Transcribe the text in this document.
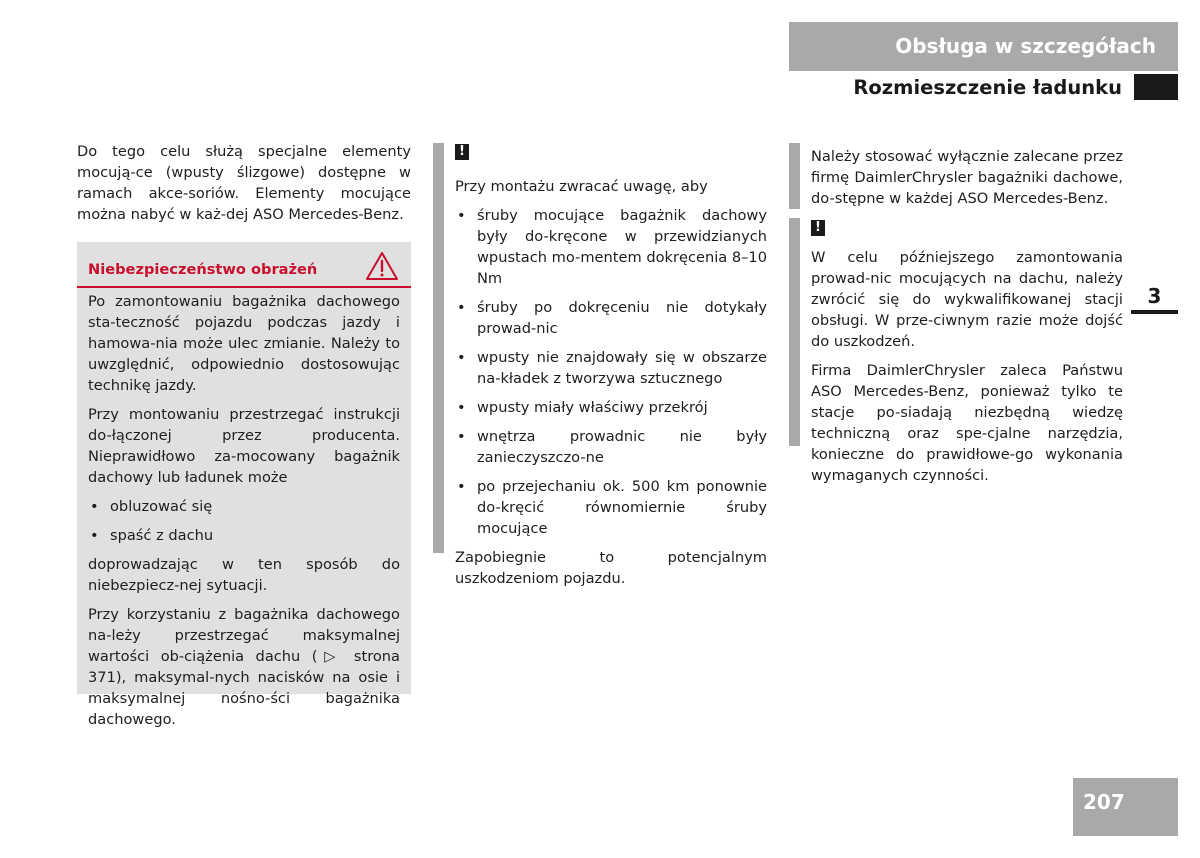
Obsługa w szczegółach
Rozmieszczenie ładunku

Do tego celu służą specjalne elementy mocują-ce (wpusty ślizgowe) dostępne w ramach akce-soriów. Elementy mocujące można nabyć w każ-dej ASO Mercedes-Benz.

Niebezpieczeństwo obrażeń

Po zamontowaniu bagażnika dachowego sta-teczność pojazdu podczas jazdy i hamowa-nia może ulec zmianie. Należy to uwzględnić, odpowiednio dostosowując technikę jazdy.

Przy montowaniu przestrzegać instrukcji do-łączonej przez producenta. Nieprawidłowo za-mocowany bagażnik dachowy lub ładunek może

• obluzować się
• spaść z dachu

doprowadzając w ten sposób do niebezpiecz-nej sytuacji.

Przy korzystaniu z bagażnika dachowego na-leży przestrzegać maksymalnej wartości ob-ciążenia dachu (▷ strona 371), maksymal-nych nacisków na osie i maksymalnej nośno-ści bagażnika dachowego.

!

Przy montażu zwracać uwagę, aby

• śruby mocujące bagażnik dachowy były do-kręcone w przewidzianych wpustach mo-mentem dokręcenia 8–10 Nm
• śruby po dokręceniu nie dotykały prowad-nic
• wpusty nie znajdowały się w obszarze na-kładek z tworzywa sztucznego
• wpusty miały właściwy przekrój
• wnętrza prowadnic nie były zanieczyszczo-ne
• po przejechaniu ok. 500 km ponownie do-kręcić równomiernie śruby mocujące

Zapobiegnie to potencjalnym uszkodzeniom pojazdu.

Należy stosować wyłącznie zalecane przez firmę DaimlerChrysler bagażniki dachowe, do-stępne w każdej ASO Mercedes-Benz.

!

W celu późniejszego zamontowania prowad-nic mocujących na dachu, należy zwrócić się do wykwalifikowanej stacji obsługi. W prze-ciwnym razie może dojść do uszkodzeń.

Firma DaimlerChrysler zaleca Państwu ASO Mercedes-Benz, ponieważ tylko te stacje po-siadają niezbędną wiedzę techniczną oraz spe-cjalne narzędzia, konieczne do prawidłowe-go wykonania wymaganych czynności.

3
207
